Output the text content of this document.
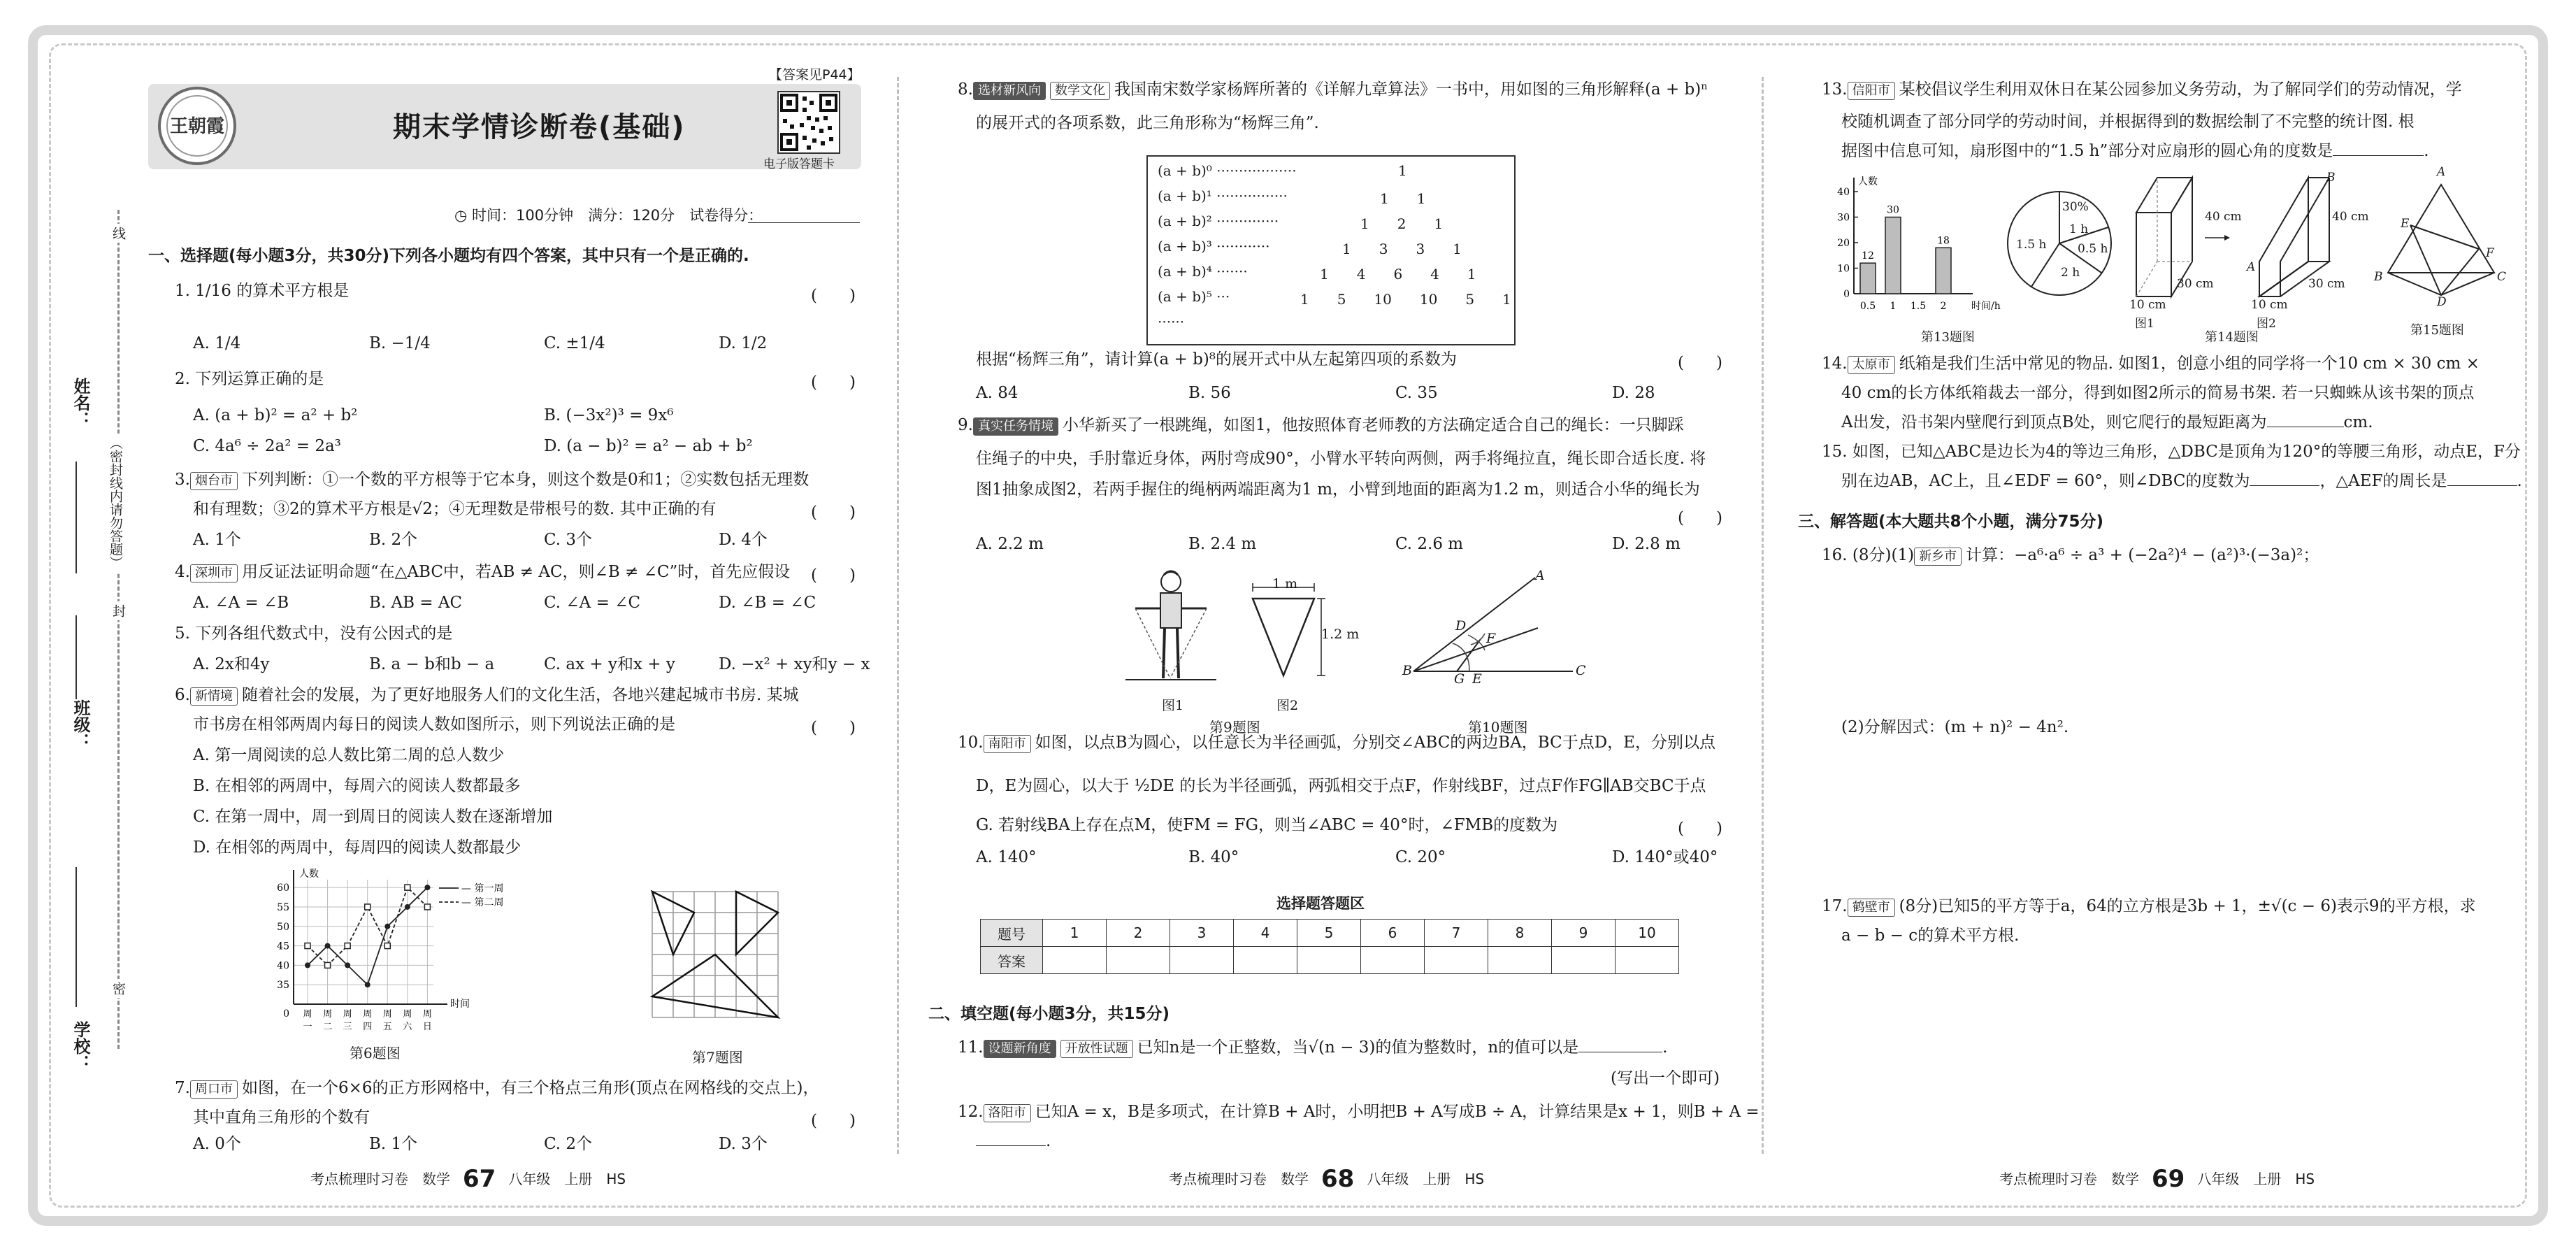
线
（密封线内请勿答题）
封
密
姓名：
班级：
学校：
【答案见P44】
王朝霞	期末学情诊断卷(基础)
电子版答题卡
◷ 时间：100分钟　满分：120分　试卷得分：
一、选择题(每小题3分，共30分)下列各小题均有四个答案，其中只有一个是正确的.
1. 1/16 的算术平方根是	(　　)
A. 1/4	B. −1/4	C. ±1/4	D. 1/2
2. 下列运算正确的是	(　　)
A. (a + b)² = a² + b²	B. (−3x²)³ = 9x⁶
C. 4a⁶ ÷ 2a² = 2a³	D. (a − b)² = a² − ab + b²
3. 烟台市 下列判断：①一个数的平方根等于它本身，则这个数是0和1；②实数包括无理数
和有理数；③2的算术平方根是√2；④无理数是带根号的数. 其中正确的有	(　　)
A. 1个	B. 2个	C. 3个	D. 4个
4. 深圳市 用反证法证明命题“在△ABC中，若AB ≠ AC，则∠B ≠ ∠C”时，首先应假设 (　　)
A. ∠A = ∠B	B. AB = AC	C. ∠A = ∠C	D. ∠B = ∠C
5. 下列各组代数式中，没有公因式的是
A. 2x和4y	B. a − b和b − a	C. ax + y和x + y	D. −x² + xy和y − x
6. 新情境 随着社会的发展，为了更好地服务人们的文化生活，各地兴建起城市书房. 某城
市书房在相邻两周内每日的阅读人数如图所示，则下列说法正确的是	(　　)
A. 第一周阅读的总人数比第二周的总人数少
B. 在相邻的两周中，每周六的阅读人数都最多
C. 在第一周中，周一到周日的阅读人数在逐渐增加
D. 在相邻的两周中，每周四的阅读人数都最少
35
40
45
50
55
60
周
一
周
二
周
三
周
四
周
五
周
六
周
日
0
人数
时间
— 第一周
— 第二周
第6题图	第7题图
7. 周口市 如图，在一个6×6的正方形网格中，有三个格点三角形(顶点在网格线的交点上)，
其中直角三角形的个数有	(　　)
A. 0个	B. 1个	C. 2个	D. 3个
考点梳理时习卷　数学 67 八年级　上册　HS
8. 选材新风向 数学文化 我国南宋数学家杨辉所著的《详解九章算法》一书中，用如图的三角形解释(a + b)ⁿ
的展开式的各项系数，此三角形称为“杨辉三角”.
(a + b)⁰ ··················	1
(a + b)¹ ················	1　　1
(a + b)² ··············	1　　2　　1
(a + b)³ ············	1　　3　　3　　1
(a + b)⁴ ·······	1　　4　　6　　4　　1
(a + b)⁵ ···	1　　5　　10　　10　　5　　1
······
根据“杨辉三角”，请计算(a + b)⁸的展开式中从左起第四项的系数为	(　　)
A. 84	B. 56	C. 35	D. 28
9. 真实任务情境 小华新买了一根跳绳，如图1，他按照体育老师教的方法确定适合自己的绳长：一只脚踩
住绳子的中央，手肘靠近身体，两肘弯成90°，小臂水平转向两侧，两手将绳拉直，绳长即合适长度. 将
图1抽象成图2，若两手握住的绳柄两端距离为1 m，小臂到地面的距离为1.2 m，则适合小华的绳长为
(　　)
A. 2.2 m	B. 2.4 m	C. 2.6 m	D. 2.8 m
图1
1 m
1.2 m
图2
第9题图
A
B	C
D
E
F
G
第10题图
10. 南阳市 如图，以点B为圆心，以任意长为半径画弧，分别交∠ABC的两边BA，BC于点D，E，分别以点
D，E为圆心，以大于 ½DE 的长为半径画弧，两弧相交于点F，作射线BF，过点F作FG∥AB交BC于点
G. 若射线BA上存在点M，使FM = FG，则当∠ABC = 40°时，∠FMB的度数为	(　　)
A. 140°	B. 40°	C. 20°	D. 140°或40°
选择题答题区
题号	1	2	3	4	5	6	7	8	9	10
答案										
二、填空题(每小题3分，共15分)
11. 设题新角度 开放性试题 已知n是一个正整数，当√(n − 3)的值为整数时，n的值可以是	.
(写出一个即可)
12. 洛阳市 已知A = x，B是多项式，在计算B + A时，小明把B + A写成B ÷ A，计算结果是x + 1，则B + A =
.
考点梳理时习卷　数学 68 八年级　上册　HS
13. 信阳市 某校倡议学生利用双休日在某公园参加义务劳动，为了解同学们的劳动情况，学
校随机调查了部分同学的劳动时间，并根据得到的数据绘制了不完整的统计图. 根
据图中信息可知，扇形图中的“1.5 h”部分对应扇形的圆心角的度数是	.
人数
时间/h
0
10
20
30
40
0.5
12
1
30
1.5 2
18
30%
1 h
0.5 h
2 h
1.5 h
第13题图
40 cm	40 cm
30 cm	30 cm
10 cm	10 cm
图1	图2
A
B
第14题图
A
B	C
D
E
F
第15题图
14. 太原市 纸箱是我们生活中常见的物品. 如图1，创意小组的同学将一个10 cm × 30 cm ×
40 cm的长方体纸箱裁去一部分，得到如图2所示的简易书架. 若一只蜘蛛从该书架的顶点
A出发，沿书架内壁爬行到顶点B处，则它爬行的最短距离为	cm.
15. 如图，已知△ABC是边长为4的等边三角形，△DBC是顶角为120°的等腰三角形，动点E，F分
别在边AB，AC上，且∠EDF = 60°，则∠DBC的度数为	，△AEF的周长是	.
三、解答题(本大题共8个小题，满分75分)
16. (8分)(1) 新乡市 计算：−a⁶·a⁶ ÷ a³ + (−2a²)⁴ − (a²)³·(−3a)²；
(2)分解因式：(m + n)² − 4n².
17. 鹤壁市 (8分)已知5的平方等于a，64的立方根是3b + 1，±√(c − 6)表示9的平方根，求
a − b − c的算术平方根.
考点梳理时习卷　数学 69 八年级　上册　HS
